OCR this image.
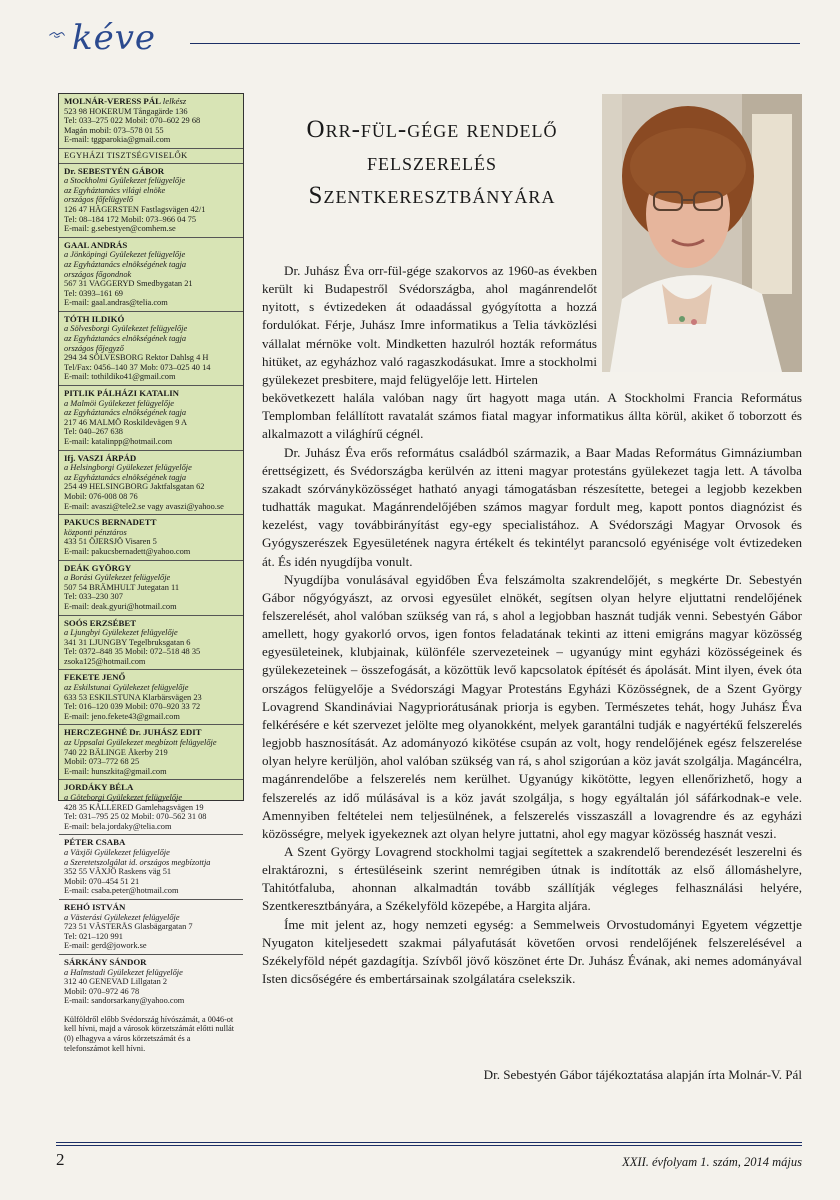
ᨎ kéve
MOLNÁR-VERESS PÁL lelkész
523 98 HOKERUM Tångagärde 136
Tel: 033–275 022 Mobil: 070–602 29 68
Magán mobil: 073–578 01 55
E-mail: tggparokia@gmail.com
EGYHÁZI TISZTSÉGVISELŐK
Dr. SEBESTYÉN GÁBOR
a Stockholmi Gyülekezet felügyelője
az Egyháztanács világi elnöke
országos főfelügyelő
126 47 HÄGERSTEN Fastlagsvägen 42/1
Tel: 08–184 172 Mobil: 073–966 04 75
E-mail: g.sebestyen@comhem.se
GAAL ANDRÁS
a Jönköpingi Gyülekezet felügyelője
az Egyháztanács elnökségének tagja
országos főgondnok
567 31 VAGGERYD Smedbygatan 21
Tel: 0393–161 69
E-mail: gaal.andras@telia.com
TÓTH ILDIKÓ
a Sölvesborgi Gyülekezet felügyelője
az Egyháztanács elnökségének tagja
országos főjegyző
294 34 SÖLVESBORG Rektor Dahlsg 4 H
Tel/Fax: 0456–140 37 Mob: 073–025 40 14
E-mail: tothildiko41@gmail.com
PITLIK PÁLHÁZI KATALIN
a Malmöi Gyülekezet felügyelője
az Egyháztanács elnökségének tagja
217 46 MALMÖ Roskildevägen 9 A
Tel: 040–267 638
E-mail: katalinpp@hotmail.com
Ifj. VASZI ÁRPÁD
a Helsingborgi Gyülekezet felügyelője
az Egyháztanács elnökségének tagja
254 49 HELSINGBORG Jaktfalsgatan 62
Mobil: 076-008 08 76
E-mail: avaszi@tele2.se vagy avaszi@yahoo.se
PAKUCS BERNADETT
központi pénztáros
433 51 ÖJERSJÖ Visaren 5
E-mail: pakucsbernadett@yahoo.com
DEÁK GYÖRGY
a Borási Gyülekezet felügyelője
507 54 BRÄMHULT Jutegatan 11
Tel: 033–230 307
E-mail: deak.gyuri@hotmail.com
SOÓS ERZSÉBET
a Ljungbyi Gyülekezet felügyelője
341 31 LJUNGBY Tegelbruksgatan 6
Tel: 0372–848 35 Mobil: 072–518 48 35
zsoka125@hotmail.com
FEKETE JENŐ
az Eskilstunai Gyülekezet felügyelője
633 53 ESKILSTUNA Klarbärsvägen 23
Tel: 016–120 039 Mobil: 070–920 33 72
E-mail: jeno.fekete43@gmail.com
HERCZEGHNÉ Dr. JUHÁSZ EDIT
az Uppsalai Gyülekezet megbízott felügyelője
740 22 BÄLINGE Åkerby 219
Mobil: 073–772 68 25
E-mail: hunszkita@gmail.com
JORDÁKY BÉLA
a Göteborgi Gyülekezet felügyelője
428 35 KÅLLERED Gamlehagsvägen 19
Tel: 031–795 25 02 Mobil: 070–562 31 08
E-mail: bela.jordaky@telia.com
PÉTER CSABA
a Växjői Gyülekezet felügyelője
a Szeretetszolgálat id. országos megbízottja
352 55 VÄXJÖ Raskens väg 51
Mobil: 070–454 51 21
E-mail: csaba.peter@hotmail.com
REHÓ ISTVÁN
a Västerási Gyülekezet felügyelője
723 51 VÄSTERÅS Glasbägargatan 7
Tel: 021–120 991
E-mail: gerd@jowork.se
SÁRKÁNY SÁNDOR
a Halmstadi Gyülekezet felügyelője
312 40 GENEVAD Lillgatan 2
Mobil: 070–972 46 78
E-mail: sandorsarkany@yahoo.com
Külföldről előbb Svédország hívószámát, a 0046-ot kell hívni, majd a városok körzetszámát előtti nullát (0) elhagyva a város körzetszámát és a telefonszámot kell hívni.
Orr-fül-gége rendelő
felszerelés
Szentkeresztbányára

Dr. Juhász Éva orr-fül-gége szakorvos az 1960-as években került ki Budapestről Svédországba, ahol magánrendelőt nyitott, s évtizedeken át odaadással gyógyította a hozzá fordulókat. Férje, Juhász Imre informatikus a Telia távközlési vállalat mérnöke volt. Mindketten hazulról hozták református hitüket, az egyházhoz való ragaszkodásukat. Imre a stockholmi gyülekezet presbitere, majd felügyelője lett. Hirtelen

bekövetkezett halála valóban nagy űrt hagyott maga után. A Stockholmi Francia Református Templomban felállított ravatalát számos fiatal magyar informatikus állta körül, akiket ő toborzott és alkalmazott a világhírű cégnél.

Dr. Juhász Éva erős református családból származik, a Baar Madas Református Gimnáziumban érettségizett, és Svédországba kerülvén az itteni magyar protestáns gyülekezet tagja lett. A távolba szakadt szórványközösséget hatható anyagi támogatásban részesítette, betegei a legjobb kezekben tudhatták magukat. Magánrendelőjében számos magyar fordult meg, kapott pontos diagnózist és kezelést, vagy továbbirányítást egy-egy specialistához. A Svédországi Magyar Orvosok és Gyógyszerészek Egyesületének nagyra értékelt és tekintélyt parancsoló egyénisége volt évtizedeken át. És idén nyugdíjba vonult.

Nyugdíjba vonulásával egyidőben Éva felszámolta szakrendelőjét, s megkérte Dr. Sebestyén Gábor nőgyógyászt, az orvosi egyesület elnökét, segítsen olyan helyre eljuttatni rendelőjének felszerelését, ahol valóban szükség van rá, s ahol a legjobban hasznát tudják venni. Sebestyén Gábor amellett, hogy gyakorló orvos, igen fontos feladatának tekinti az itteni emigráns magyar közösség egyesületeinek, klubjainak, különféle szervezeteinek – ugyanúgy mint egyházi közösségeinek és gyülekezeteinek – összefogását, a közöttük levő kapcsolatok építését és ápolását. Mint ilyen, évek óta országos felügyelője a Svédországi Magyar Protestáns Egyházi Közösségnek, de a Szent György Lovagrend Skandináviai Nagypriorátusának priorja is egyben. Természetes tehát, hogy Juhász Éva felkérésére e két szervezet jelölte meg olyanokként, melyek garantálni tudják e nagyértékű felszerelés legjobb hasznosítását. Az adományozó kikötése csupán az volt, hogy rendelőjének egész felszerelése olyan helyre kerüljön, ahol valóban szükség van rá, s ahol szigorúan a köz javát szolgálja. Magáncélra, magánrendelőbe a felszerelés nem kerülhet. Ugyanúgy kikötötte, legyen ellenőrizhető, hogy a felszerelés az idő múlásával is a köz javát szolgálja, s hogy egyáltalán jól sáfárkodnak-e vele. Amennyiben feltételei nem teljesülnének, a felszerelés visszaszáll a lovagrendre és az egyházi közösségre, melyek igyekeznek azt olyan helyre juttatni, ahol egy magyar közösség hasznát veszi.

A Szent György Lovagrend stockholmi tagjai segítettek a szakrendelő berendezését leszerelni és elraktározni, s értesüléseink szerint nemrégiben útnak is indították az első állomáshelyre, Tahitótfaluba, ahonnan alkalmadtán tovább szállítják végleges felhasználási helyére, Szentkeresztbányára, a Székelyföld közepébe, a Hargita aljára.

Íme mit jelent az, hogy nemzeti egység: a Semmelweis Orvostudományi Egyetem végzettje Nyugaton kiteljesedett szakmai pályafutását követően orvosi rendelőjének felszerelésével a Székelyföld népét gazdagítja. Szívből jövő köszönet érte Dr. Juhász Évának, aki nemes adományával Isten dicsőségére és embertársainak szolgálatára cselekszik.

Dr. Sebestyén Gábor tájékoztatása alapján írta Molnár-V. Pál
2	XXII. évfolyam 1. szám, 2014 május
